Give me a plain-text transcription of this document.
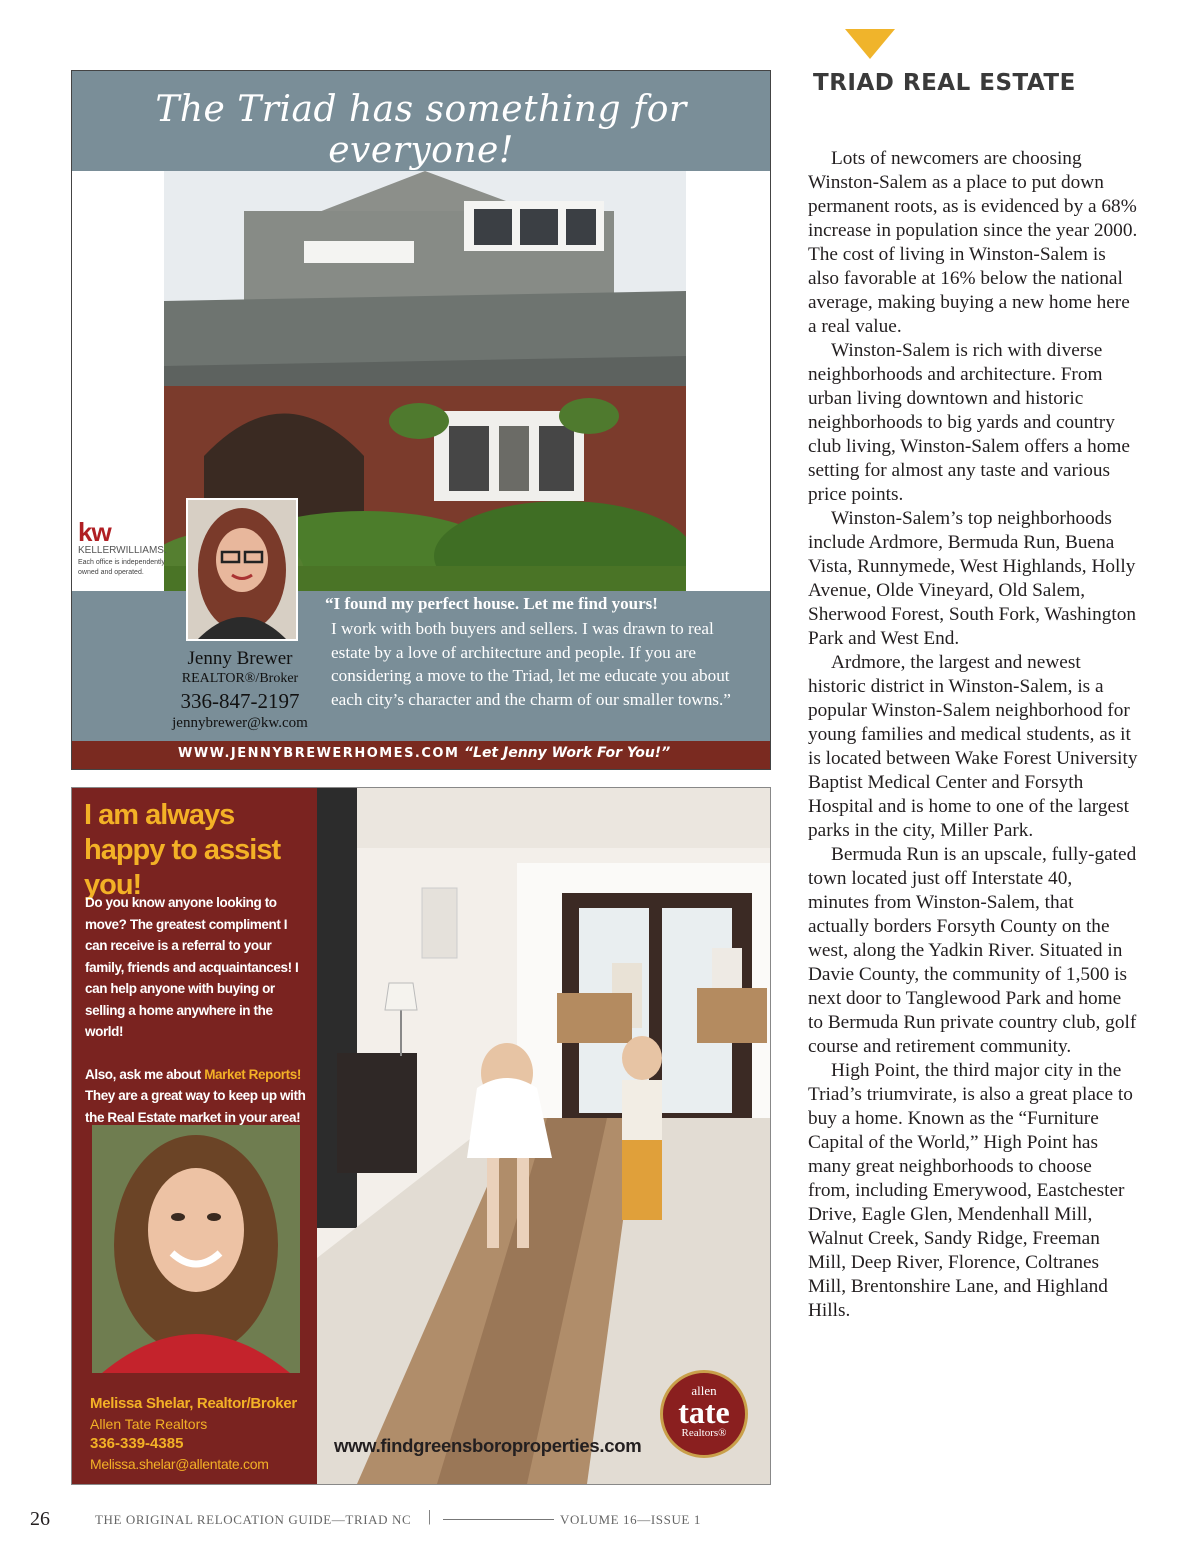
TRIAD REAL ESTATE

Lots of newcomers are choosing Winston-Salem as a place to put down permanent roots, as is evidenced by a 68% increase in population since the year 2000. The cost of living in Winston-Salem is also favorable at 16% below the national average, making buying a new home here a real value.

Winston-Salem is rich with diverse neighborhoods and architecture. From urban living downtown and historic neighborhoods to big yards and country club living, Winston-Salem offers a home setting for almost any taste and various price points.

Winston-Salem’s top neighborhoods include Ardmore, Bermuda Run, Buena Vista, Runnymede, West Highlands, Holly Avenue, Olde Vineyard, Old Salem, Sherwood Forest, South Fork, Washington Park and West End.

Ardmore, the largest and newest historic district in Winston-Salem, is a popular Winston-Salem neighborhood for young families and medical students, as it is located between Wake Forest University Baptist Medical Center and Forsyth Hospital and is home to one of the largest parks in the city, Miller Park.

Bermuda Run is an upscale, fully-gated town located just off Interstate 40, minutes from Winston-Salem, that actually borders Forsyth County on the west, along the Yadkin River. Situated in Davie County, the community of 1,500 is next door to Tanglewood Park and home to Bermuda Run private country club, golf course and retirement community.

High Point, the third major city in the Triad’s triumvirate, is also a great place to buy a home. Known as the “Furniture Capital of the World,” High Point has many great neighborhoods to choose from, including Emerywood, Eastchester Drive, Eagle Glen, Mendenhall Mill, Walnut Creek, Sandy Ridge, Freeman Mill, Deep River, Florence, Coltranes Mill, Brentonshire Lane, and Highland Hills.

The Triad has something for everyone!
kw
KELLERWILLIAMS.
Each office is independently owned and operated.
Jenny Brewer
REALTOR®/Broker
336-847-2197
jennybrewer@kw.com
“I found my perfect house. Let me find yours!
I work with both buyers and sellers. I was drawn to real estate by a love of architecture and people. If you are considering a move to the Triad, let me educate you about each city’s character and the charm of our smaller towns.”
WWW.JENNYBREWERHOMES.COM “Let Jenny Work For You!”
I am always happy to assist you!

Do you know anyone looking to move? The greatest compliment I can receive is a referral to your family, friends and acquaintances! I can help anyone with buying or selling a home anywhere in the world!

Also, ask me about Market Reports! They are a great way to keep up with the Real Estate market in your area!

Melissa Shelar, Realtor/Broker
Allen Tate Realtors
336-339-4385
Melissa.shelar@allentate.com
www.findgreensboroproperties.com
allen
tate
Realtors®
26	THE ORIGINAL RELOCATION GUIDE—TRIAD NC |	VOLUME 16—ISSUE 1
